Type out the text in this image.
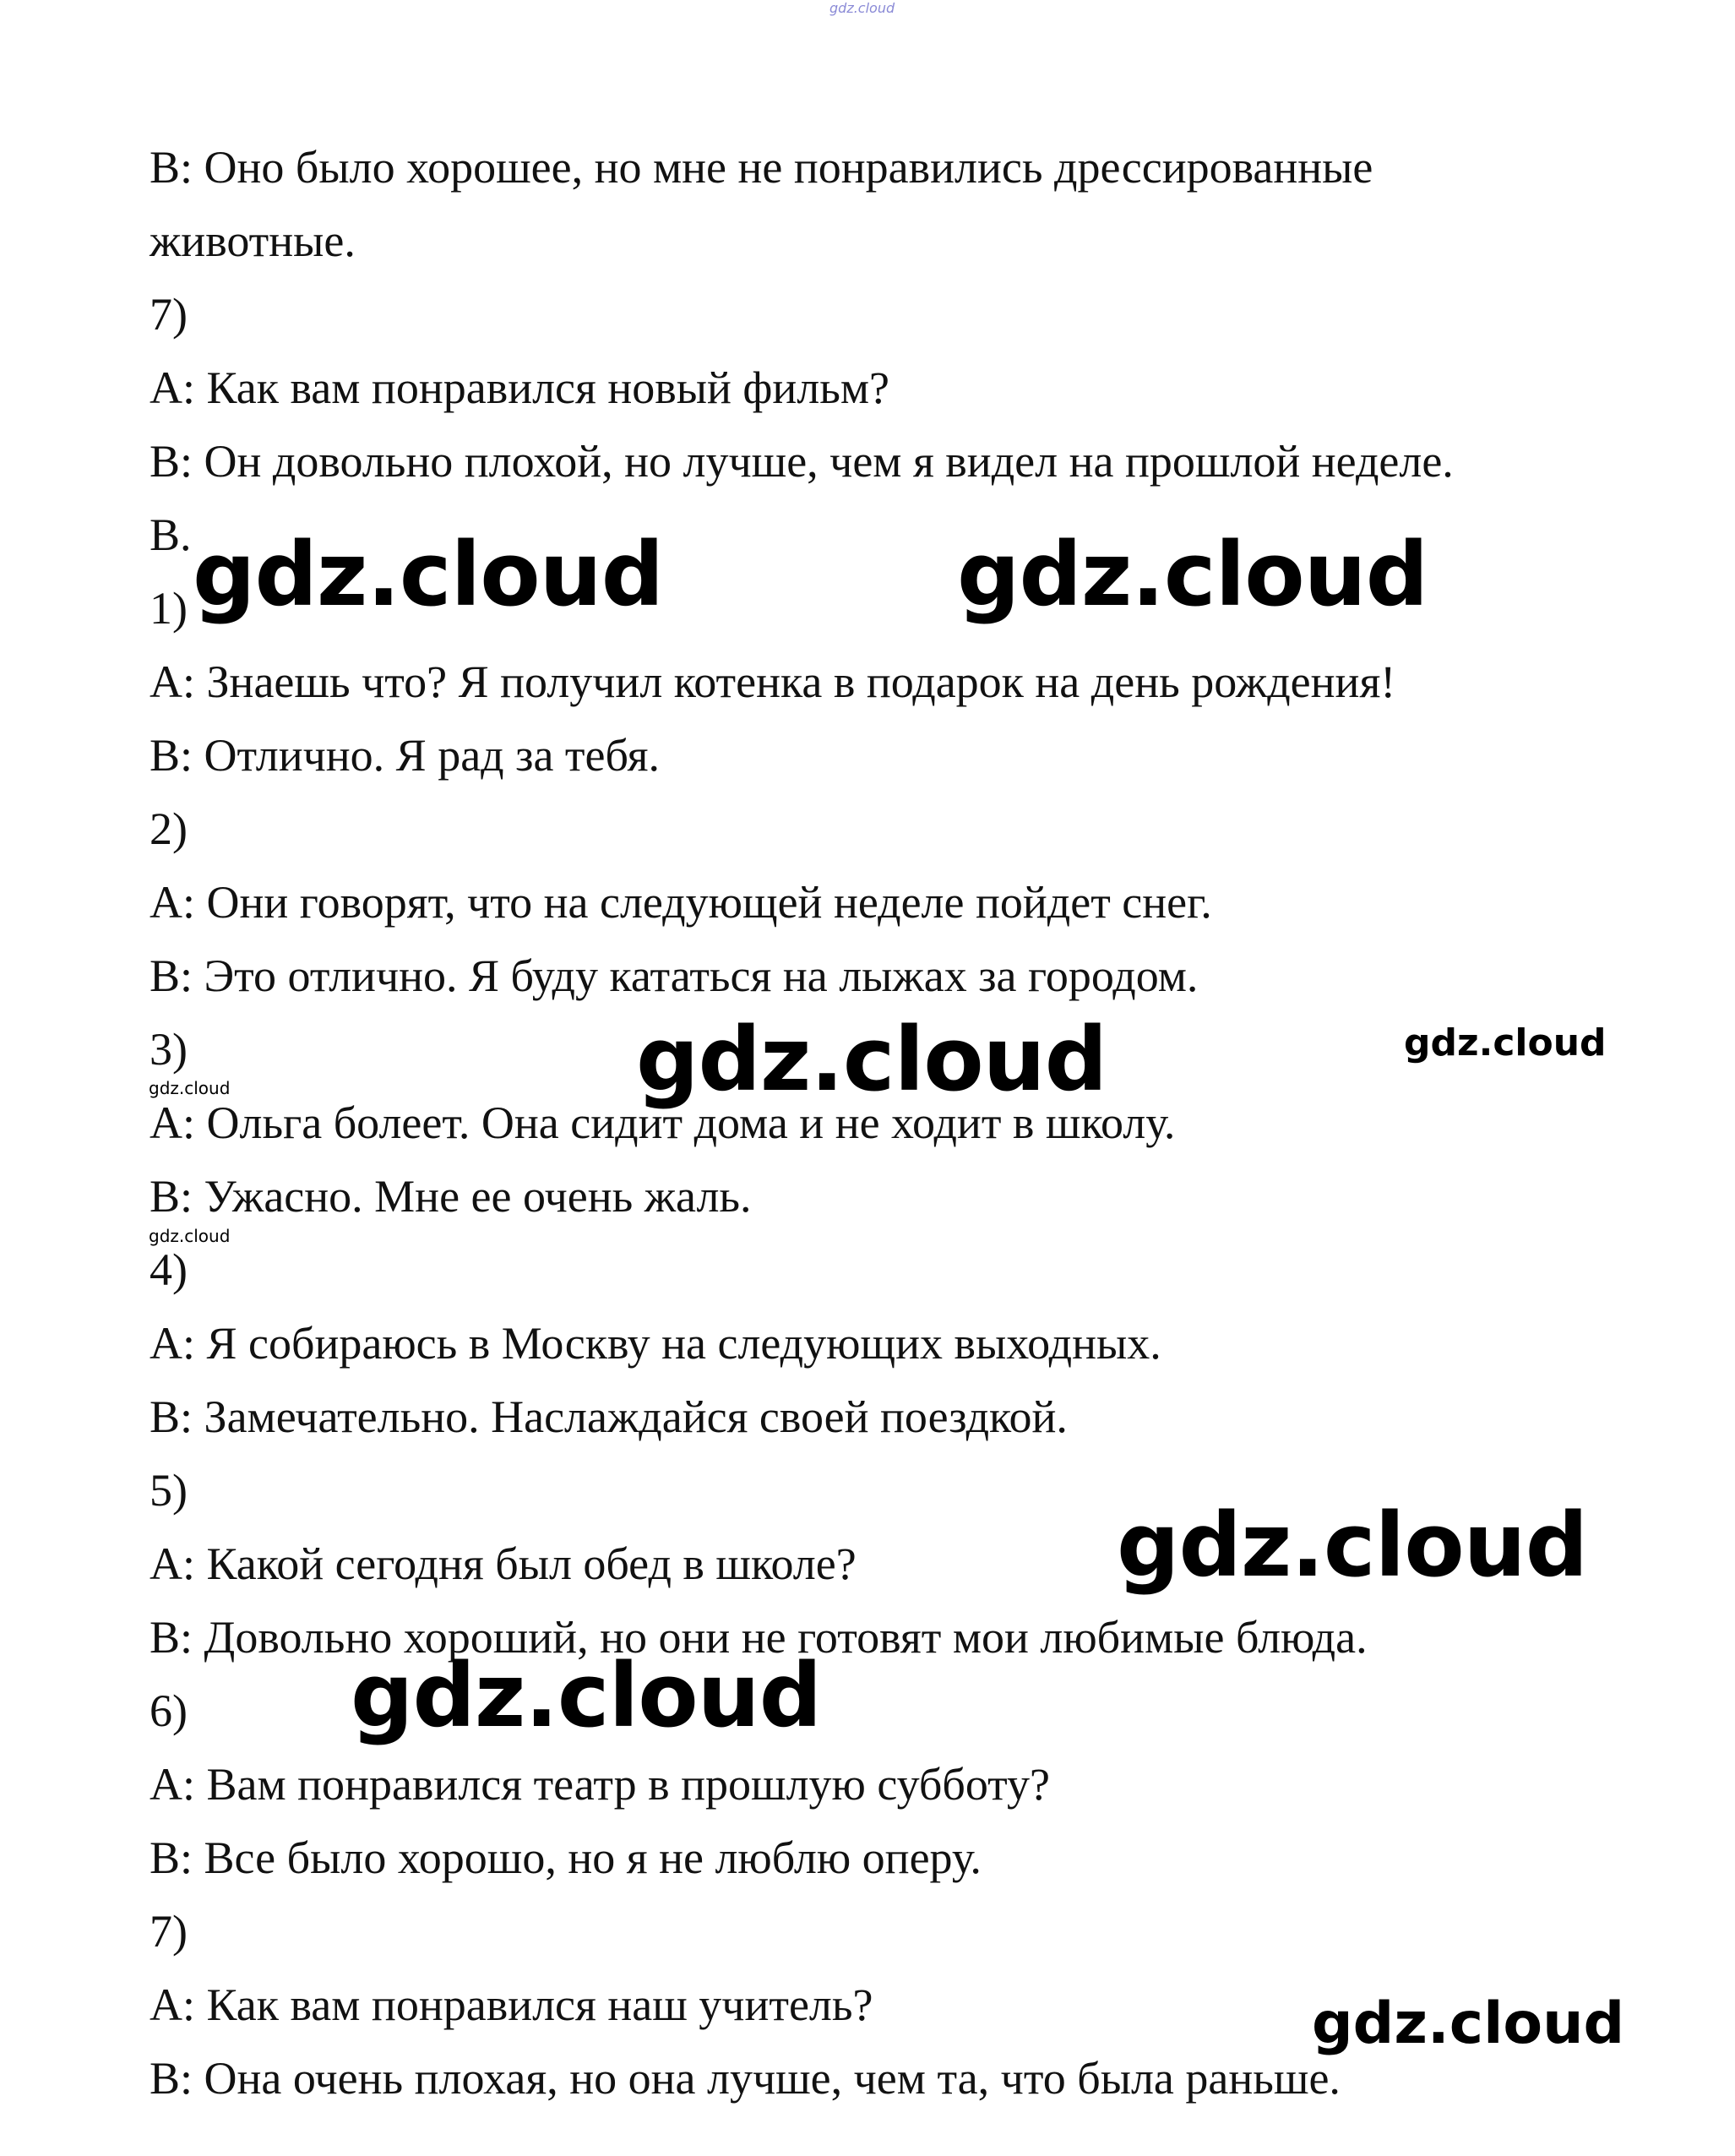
gdz.cloud
B: Оно было хорошее, но мне не понравились дрессированные
животные.
7)
A: Как вам понравился новый фильм?
B: Он довольно плохой, но лучше, чем я видел на прошлой неделе.
B.
1)
A: Знаешь что? Я получил котенка в подарок на день рождения!
B: Отлично. Я рад за тебя.
2)
A: Они говорят, что на следующей неделе пойдет снег.
B: Это отлично. Я буду кататься на лыжах за городом.
3)
A: Ольга болеет. Она сидит дома и не ходит в школу.
B: Ужасно. Мне ее очень жаль.
4)
A: Я собираюсь в Москву на следующих выходных.
B: Замечательно. Наслаждайся своей поездкой.
5)
A: Какой сегодня был обед в школе?
B: Довольно хороший, но они не готовят мои любимые блюда.
6)
A: Вам понравился театр в прошлую субботу?
B: Все было хорошо, но я не люблю оперу.
7)
A: Как вам понравился наш учитель?
B: Она очень плохая, но она лучше, чем та, что была раньше.
gdz.cloud	gdz.cloud
gdz.cloud	gdz.cloud
gdz.cloud
gdz.cloud
gdz.cloud
gdz.cloud
gdz.cloud
